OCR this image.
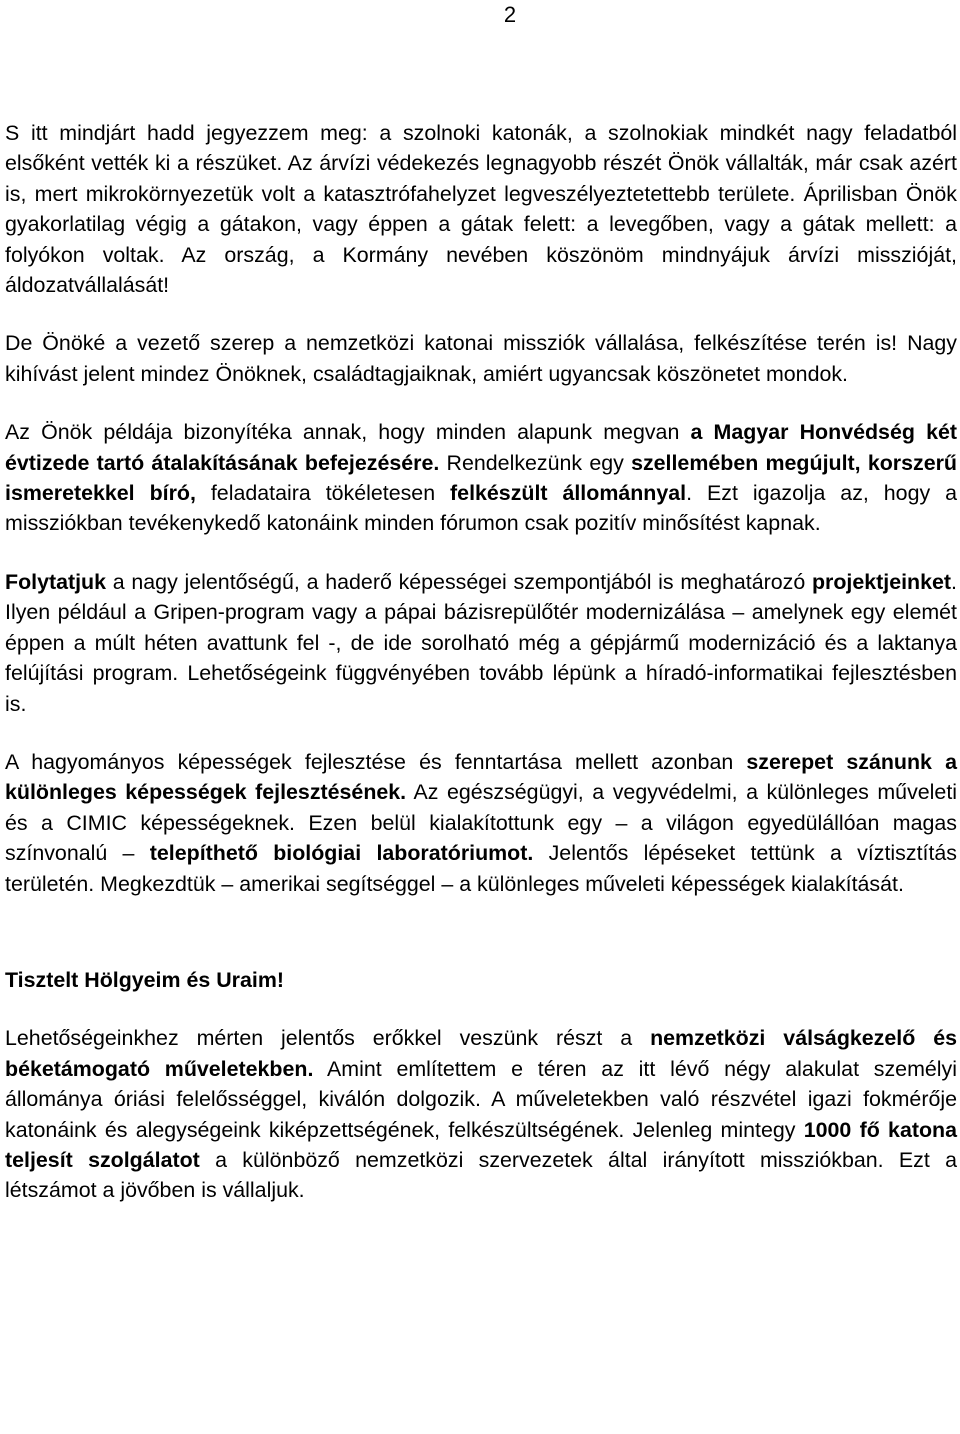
2

S itt mindjárt hadd jegyezzem meg: a szolnoki katonák, a szolnokiak mindkét nagy feladatból elsőként vették ki a részüket. Az árvízi védekezés legnagyobb részét Önök vállalták, már csak azért is, mert mikrokörnyezetük volt a katasztrófahelyzet legveszélyeztetettebb területe. Áprilisban Önök gyakorlatilag végig a gátakon, vagy éppen a gátak felett: a levegőben, vagy a gátak mellett: a folyókon voltak. Az ország, a Kormány nevében köszönöm mindnyájuk árvízi misszióját, áldozatvállalását!

De Önöké a vezető szerep a nemzetközi katonai missziók vállalása, felkészítése terén is! Nagy kihívást jelent mindez Önöknek, családtagjaiknak, amiért ugyancsak köszönetet mondok.

Az Önök példája bizonyítéka annak, hogy minden alapunk megvan a Magyar Honvédség két évtizede tartó átalakításának befejezésére. Rendelkezünk egy szellemében megújult, korszerű ismeretekkel bíró, feladataira tökéletesen felkészült állománnyal. Ezt igazolja az, hogy a missziókban tevékenykedő katonáink minden fórumon csak pozitív minősítést kapnak.

Folytatjuk a nagy jelentőségű, a haderő képességei szempontjából is meghatározó projektjeinket. Ilyen például a Gripen-program vagy a pápai bázisrepülőtér modernizálása – amelynek egy elemét éppen a múlt héten avattunk fel -, de ide sorolható még a gépjármű modernizáció és a laktanya felújítási program. Lehetőségeink függvényében tovább lépünk a híradó-informatikai fejlesztésben is.

A hagyományos képességek fejlesztése és fenntartása mellett azonban szerepet szánunk a különleges képességek fejlesztésének. Az egészségügyi, a vegyvédelmi, a különleges műveleti és a CIMIC képességeknek. Ezen belül kialakítottunk egy – a világon egyedülállóan magas színvonalú – telepíthető biológiai laboratóriumot. Jelentős lépéseket tettünk a víztisztítás területén. Megkezdtük – amerikai segítséggel – a különleges műveleti képességek kialakítását.

Tisztelt Hölgyeim és Uraim!

Lehetőségeinkhez mérten jelentős erőkkel veszünk részt a nemzetközi válságkezelő és béketámogató műveletekben. Amint említettem e téren az itt lévő négy alakulat személyi állománya óriási felelősséggel, kiválón dolgozik. A műveletekben való részvétel igazi fokmérője katonáink és alegységeink kiképzettségének, felkészültségének. Jelenleg mintegy 1000 fő katona teljesít szolgálatot a különböző nemzetközi szervezetek által irányított missziókban. Ezt a létszámot a jövőben is vállaljuk.
